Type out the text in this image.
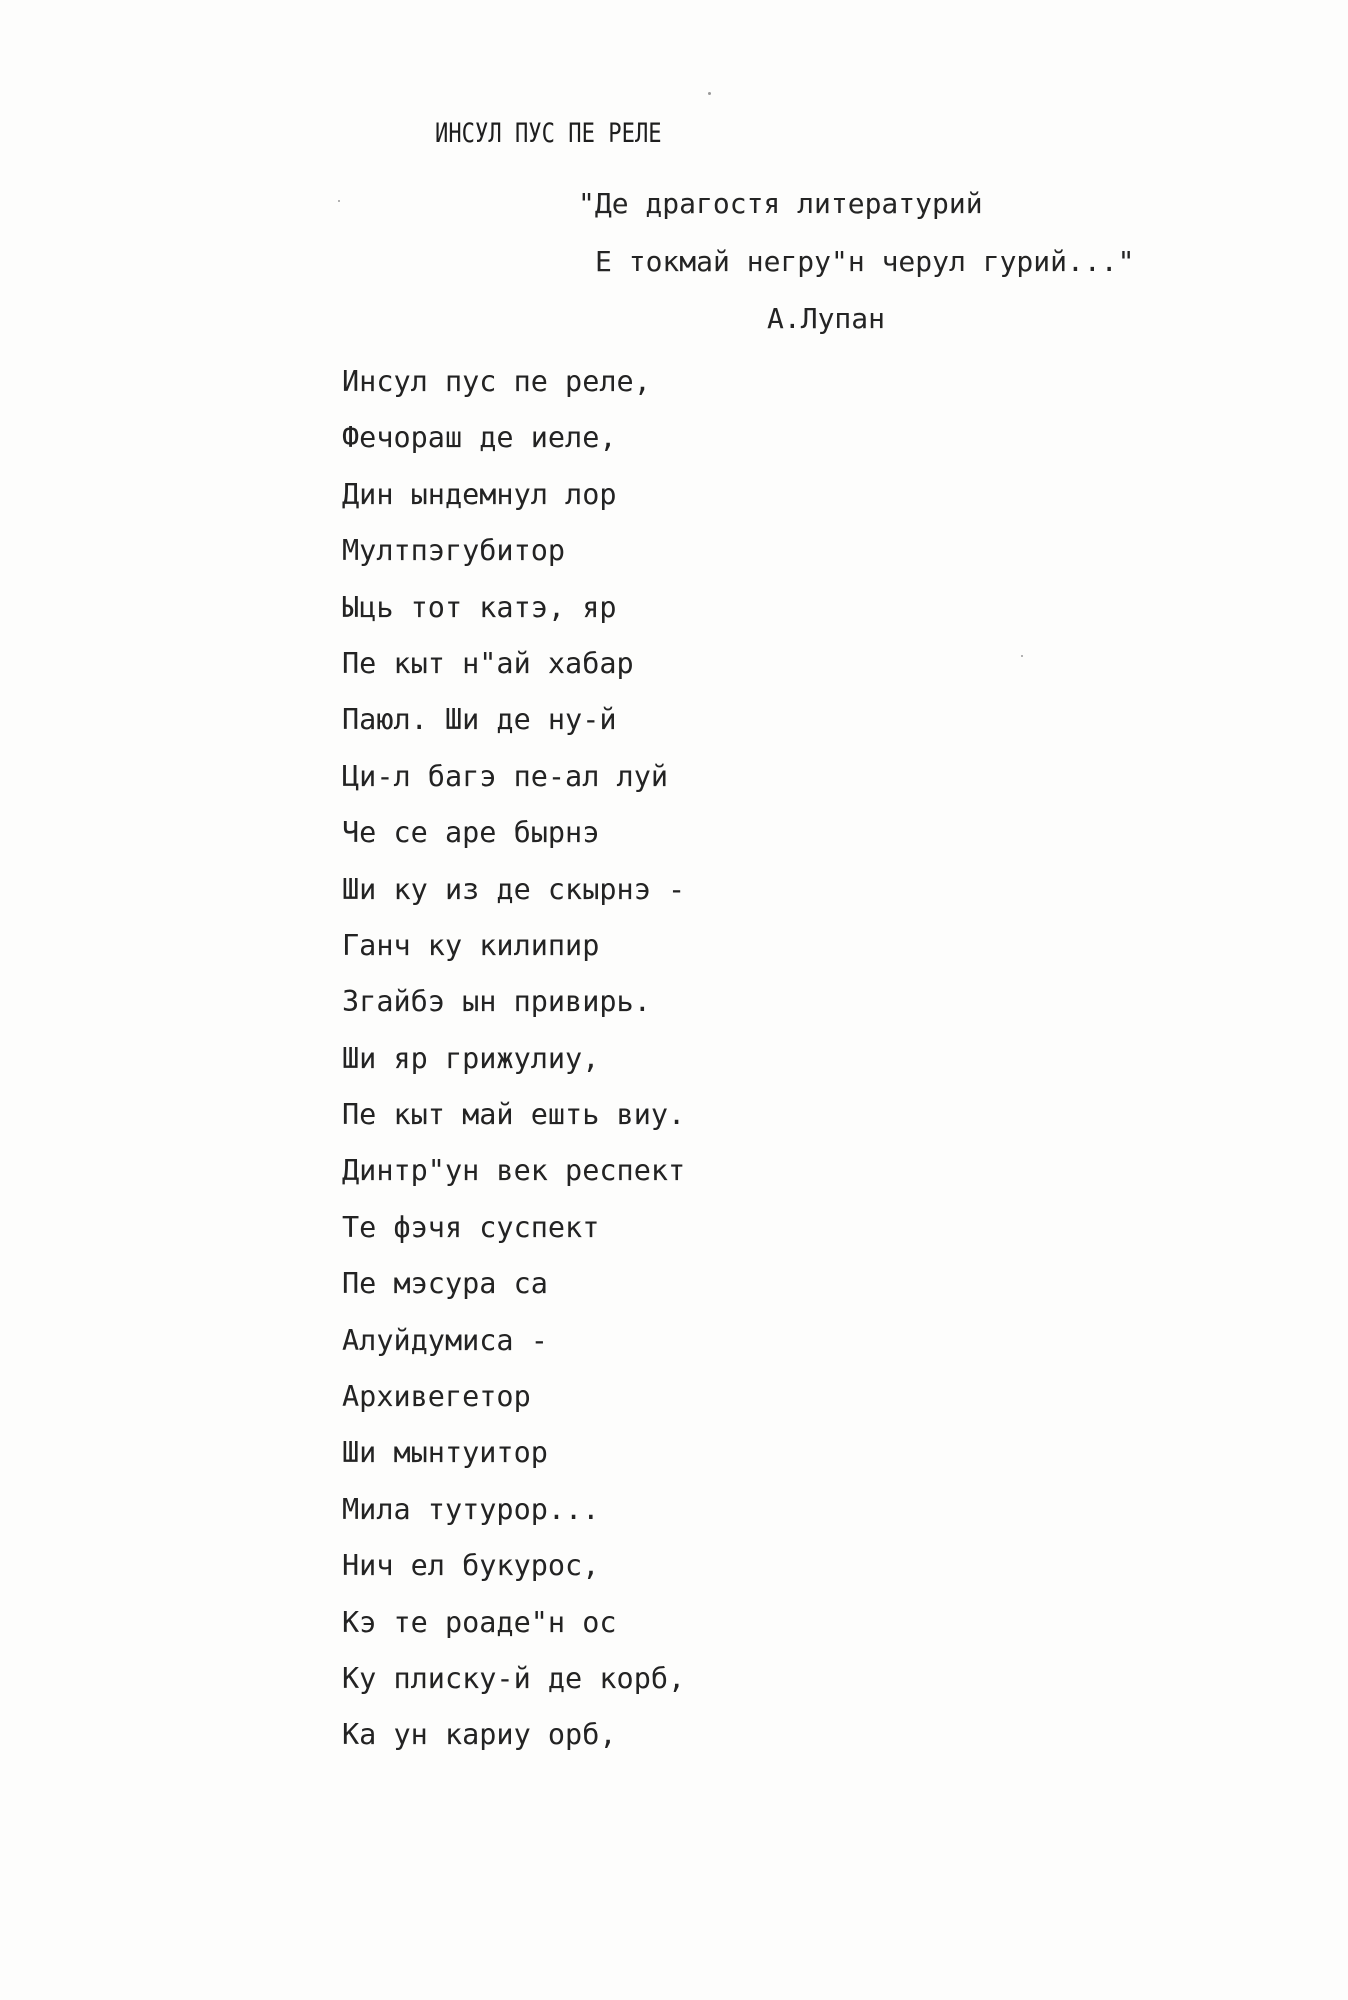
ИНСУЛ ПУС ПЕ РЕЛЕ
"Де драгостя литературий
Е токмай негру"н черул гурий..."
А.Лупан
Инсул пус пе реле,
Фечораш де иеле,
Дин ындемнул лор
Мултпэгубитор
Ыць тот катэ, яр
Пе кыт н"ай хабар
Паюл. Ши де ну-й
Ци-л багэ пе-ал луй
Че се аре бырнэ
Ши ку из де скырнэ -
Ганч ку килипир
Згайбэ ын привирь.
Ши яр грижулиу,
Пе кыт май ешть виу.
Динтр"ун век респект
Те фэчя суспект
Пе мэсура са
Алуйдумиса -
Архивегетор
Ши мынтуитор
Мила тутурор...
Нич ел букурос,
Кэ те роаде"н ос
Ку плиску-й де корб,
Ка ун кариу орб,
